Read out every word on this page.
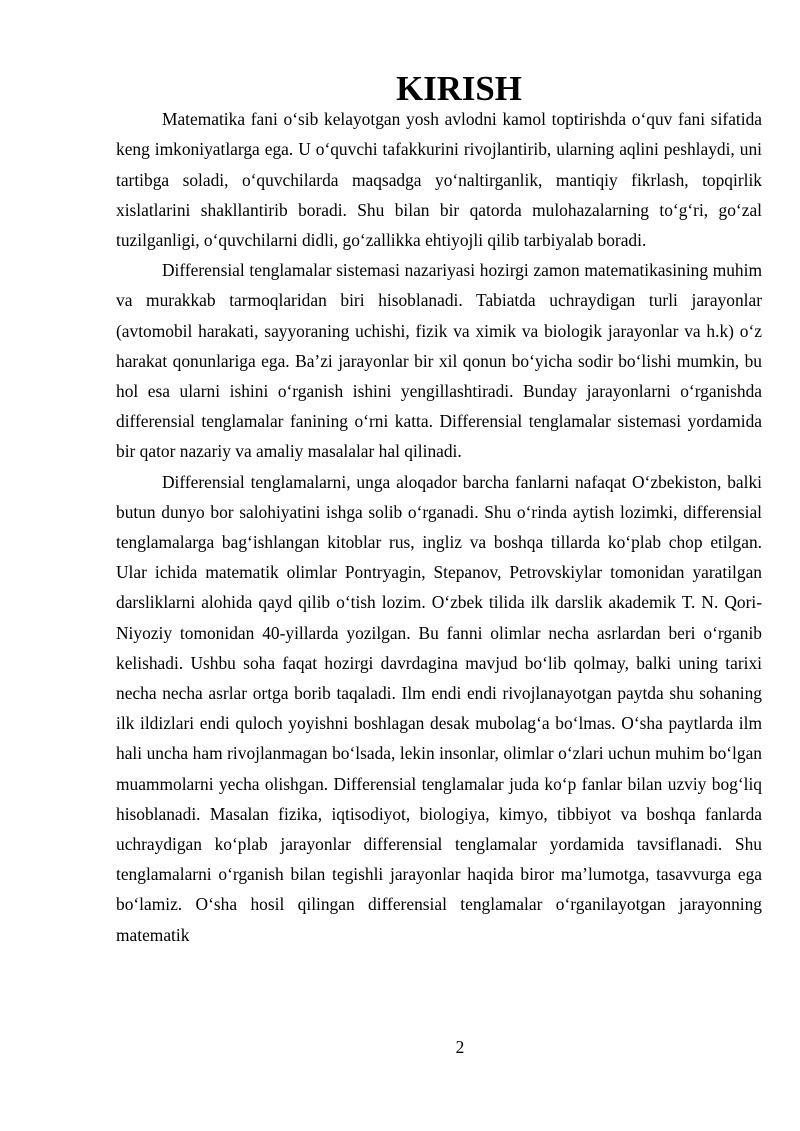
KIRISH

Matematika fani o‘sib kelayotgan yosh avlodni kamol toptirishda o‘quv fani sifatida keng imkoniyatlarga ega. U o‘quvchi tafakkurini rivojlantirib, ularning aqlini peshlaydi, uni tartibga soladi, o‘quvchilarda maqsadga yo‘naltirganlik, mantiqiy fikrlash, topqirlik xislatlarini shakllantirib boradi. Shu bilan bir qatorda mulohazalarning to‘g‘ri, go‘zal tuzilganligi, o‘quvchilarni didli, go‘zallikka ehtiyojli qilib tarbiyalab boradi.

Differensial tenglamalar sistemasi nazariyasi hozirgi zamon matematikasining muhim va murakkab tarmoqlaridan biri hisoblanadi. Tabiatda uchraydigan turli jarayonlar (avtomobil harakati, sayyoraning uchishi, fizik va ximik va biologik jarayonlar va h.k) o‘z harakat qonunlariga ega. Ba’zi jarayonlar bir xil qonun bo‘yicha sodir bo‘lishi mumkin, bu hol esa ularni ishini o‘rganish ishini yengillashtiradi. Bunday jarayonlarni o‘rganishda differensial tenglamalar fanining o‘rni katta. Differensial tenglamalar sistemasi yordamida bir qator nazariy va amaliy masalalar hal qilinadi.

Differensial tenglamalarni, unga aloqador barcha fanlarni nafaqat O‘zbekiston, balki butun dunyo bor salohiyatini ishga solib o‘rganadi. Shu o‘rinda aytish lozimki, differensial tenglamalarga bag‘ishlangan kitoblar rus, ingliz va boshqa tillarda ko‘plab chop etilgan. Ular ichida matematik olimlar Pontryagin, Stepanov, Petrovskiylar tomonidan yaratilgan darsliklarni alohida qayd qilib o‘tish lozim. O‘zbek tilida ilk darslik akademik T. N. Qori-Niyoziy tomonidan 40-yillarda yozilgan. Bu fanni olimlar necha asrlardan beri o‘rganib kelishadi. Ushbu soha faqat hozirgi davrdagina mavjud bo‘lib qolmay, balki uning tarixi necha necha asrlar ortga borib taqaladi. Ilm endi endi rivojlanayotgan paytda shu sohaning ilk ildizlari endi quloch yoyishni boshlagan desak mubolag‘a bo‘lmas. O‘sha paytlarda ilm hali uncha ham rivojlanmagan bo‘lsada, lekin insonlar, olimlar o‘zlari uchun muhim bo‘lgan muammolarni yecha olishgan. Differensial tenglamalar juda ko‘p fanlar bilan uzviy bog‘liq hisoblanadi. Masalan fizika, iqtisodiyot, biologiya, kimyo, tibbiyot va boshqa fanlarda uchraydigan ko‘plab jarayonlar differensial tenglamalar yordamida tavsiflanadi. Shu tenglamalarni o‘rganish bilan tegishli jarayonlar haqida biror ma’lumotga, tasavvurga ega bo‘lamiz. O‘sha hosil qilingan differensial tenglamalar o‘rganilayotgan jarayonning matematik

2
